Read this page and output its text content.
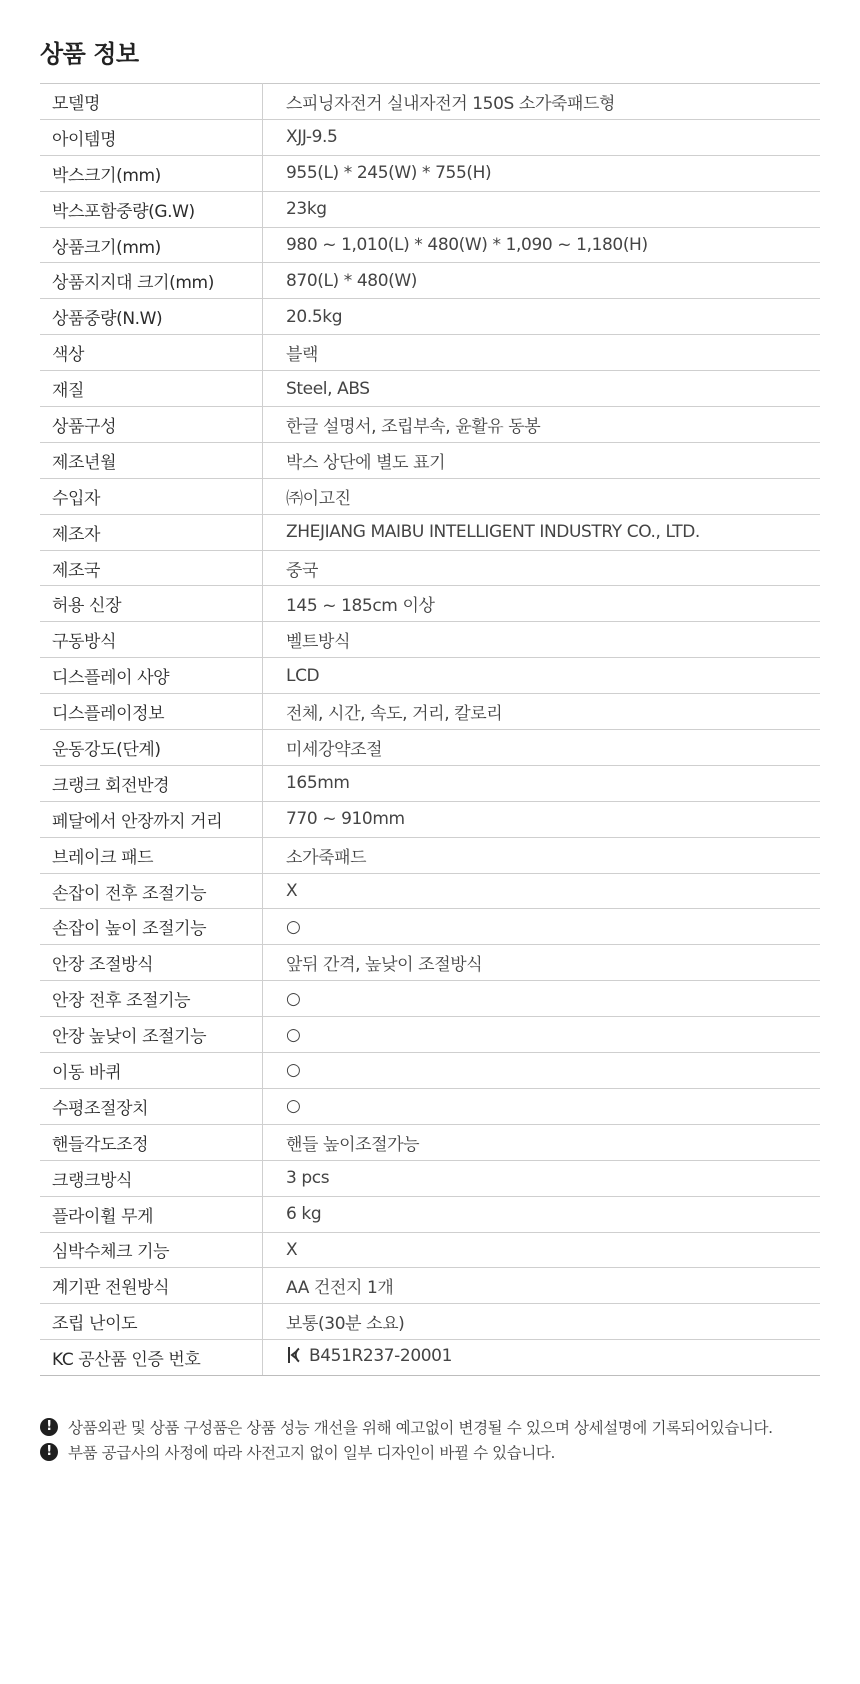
상품 정보
모델명	스피닝자전거 실내자전거 150S 소가죽패드형
아이템명	XJJ-9.5
박스크기(mm)	955(L) * 245(W) * 755(H)
박스포함중량(G.W)	23kg
상품크기(mm)	980 ~ 1,010(L) * 480(W) * 1,090 ~ 1,180(H)
상품지지대 크기(mm)	870(L) * 480(W)
상품중량(N.W)	20.5kg
색상	블랙
재질	Steel, ABS
상품구성	한글 설명서, 조립부속, 윤활유 동봉
제조년월	박스 상단에 별도 표기
수입자	㈜이고진
제조자	ZHEJIANG MAIBU INTELLIGENT INDUSTRY CO., LTD.
제조국	중국
허용 신장	145 ~ 185cm 이상
구동방식	벨트방식
디스플레이 사양	LCD
디스플레이정보	전체, 시간, 속도, 거리, 칼로리
운동강도(단계)	미세강약조절
크랭크 회전반경	165mm
페달에서 안장까지 거리	770 ~ 910mm
브레이크 패드	소가죽패드
손잡이 전후 조절기능	X
손잡이 높이 조절기능	○
안장 조절방식	앞뒤 간격, 높낮이 조절방식
안장 전후 조절기능	○
안장 높낮이 조절기능	○
이동 바퀴	○
수평조절장치	○
핸들각도조정	핸들 높이조절가능
크랭크방식	3 pcs
플라이휠 무게	6 kg
심박수체크 기능	X
계기판 전원방식	AA 건전지 1개
조립 난이도	보통(30분 소요)
KC 공산품 인증 번호	B451R237-20001
!	상품외관 및 상품 구성품은 상품 성능 개선을 위해 예고없이 변경될 수 있으며 상세설명에 기록되어있습니다.
!	부품 공급사의 사정에 따라 사전고지 없이 일부 디자인이 바뀔 수 있습니다.
